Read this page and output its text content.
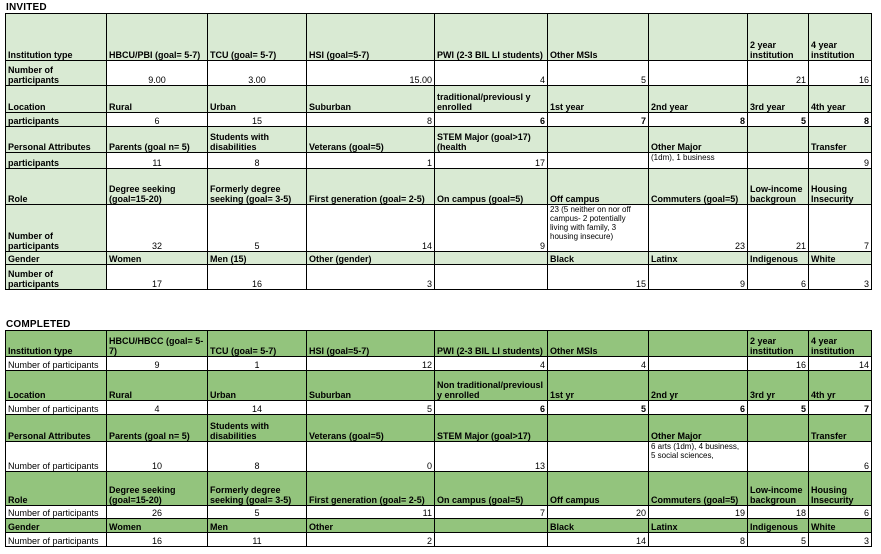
INVITED
Institution type	HBCU/PBI (goal= 5-7)	TCU (goal= 5-7)	HSI (goal=5-7)	PWI (2-3 BIL LI students)	Other MSIs		2 year institution	4 year institution
Number of participants	9.00	3.00	15.00	4	5		21	16
Location	Rural	Urban	Suburban	traditional/previousl y enrolled	1st year	2nd year	3rd year	4th year
participants	6	15	8	6	7	8	5	8
Personal Attributes	Parents (goal n= 5)	Students with disabilities	Veterans (goal=5)	STEM Major (goal>17) (health		Other Major		Transfer
participants	11	8	1	17		(1dm), 1 business		9
Role	Degree seeking (goal=15-20)	Formerly degree seeking (goal= 3-5)	First generation (goal= 2-5)	On campus (goal=5)	Off campus	Commuters (goal=5)	Low-income backgroun	Housing Insecurity
Number of participants	32	5	14	9	23 (5 neither on nor off campus- 2 potentially living with family, 3 housing insecure)	23	21	7
Gender	Women	Men (15)	Other (gender)		Black	Latinx	Indigenous	White
Number of participants	17	16	3		15	9	6	3
COMPLETED
Institution type	HBCU/HBCC (goal= 5-7)	TCU (goal= 5-7)	HSI (goal=5-7)	PWI (2-3 BIL LI students)	Other MSIs		2 year institution	4 year institution
Number of participants	9	1	12	4	4		16	14
Location	Rural	Urban	Suburban	Non traditional/previousl y enrolled	1st yr	2nd yr	3rd yr	4th yr
Number of participants	4	14	5	6	5	6	5	7
Personal Attributes	Parents (goal n= 5)	Students with disabilities	Veterans (goal=5)	STEM Major (goal>17)		Other Major		Transfer
Number of participants	10	8	0	13		6 arts (1dm), 4 business, 5 social sciences,		6
Role	Degree seeking (goal=15-20)	Formerly degree seeking (goal= 3-5)	First generation (goal= 2-5)	On campus (goal=5)	Off campus	Commuters (goal=5)	Low-income backgroun	Housing Insecurity
Number of participants	26	5	11	7	20	19	18	6
Gender	Women	Men	Other		Black	Latinx	Indigenous	White
Number of participants	16	11	2		14	8	5	3
